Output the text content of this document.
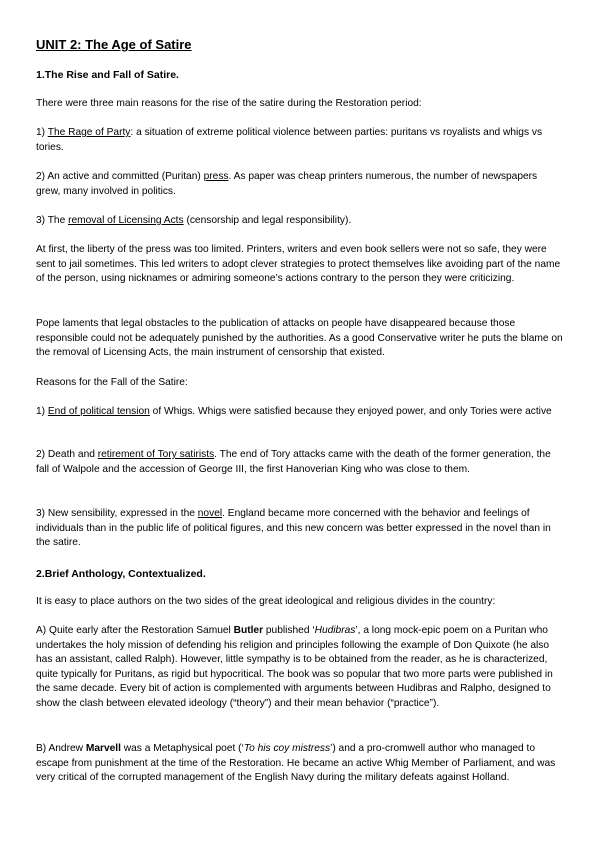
UNIT 2: The Age of Satire
1.The Rise and Fall of Satire.

There were three main reasons for the rise of the satire during the Restoration period:

1) The Rage of Party: a situation of extreme political violence between parties: puritans vs royalists and whigs vs tories.

2) An active and committed (Puritan) press. As paper was cheap printers numerous, the number of newspapers grew, many involved in politics.

3) The removal of Licensing Acts (censorship and legal responsibility).

At first, the liberty of the press was too limited. Printers, writers and even book sellers were not so safe, they were sent to jail sometimes. This led writers to adopt clever strategies to protect themselves like avoiding part of the name of the person, using nicknames or admiring someone’s actions contrary to the person they were criticizing.

Pope laments that legal obstacles to the publication of attacks on people have disappeared because those responsible could not be adequately punished by the authorities. As a good Conservative writer he puts the blame on the removal of Licensing Acts, the main instrument of censorship that existed.

Reasons for the Fall of the Satire:

1) End of political tension of Whigs. Whigs were satisfied because they enjoyed power, and only Tories were active

2) Death and retirement of Tory satirists. The end of Tory attacks came with the death of the former generation, the fall of Walpole and the accession of George III, the first Hanoverian King who was close to them.

3) New sensibility, expressed in the novel. England became more concerned with the behavior and feelings of individuals than in the public life of political figures, and this new concern was better expressed in the novel than in the satire.

2.Brief Anthology, Contextualized.

It is easy to place authors on the two sides of the great ideological and religious divides in the country:

A) Quite early after the Restoration Samuel Butler published ‘Hudibras’, a long mock-epic poem on a Puritan who undertakes the holy mission of defending his religion and principles following the example of Don Quixote (he also has an assistant, called Ralph). However, little sympathy is to be obtained from the reader, as he is characterized, quite typically for Puritans, as rigid but hypocritical. The book was so popular that two more parts were published in the same decade. Every bit of action is complemented with arguments between Hudibras and Ralpho, designed to show the clash between elevated ideology (“theory”) and their mean behavior (“practice”).

B) Andrew Marvell was a Metaphysical poet (‘To his coy mistress’) and a pro-cromwell author who managed to escape from punishment at the time of the Restoration. He became an active Whig Member of Parliament, and was very critical of the corrupted management of the English Navy during the military defeats against Holland.
